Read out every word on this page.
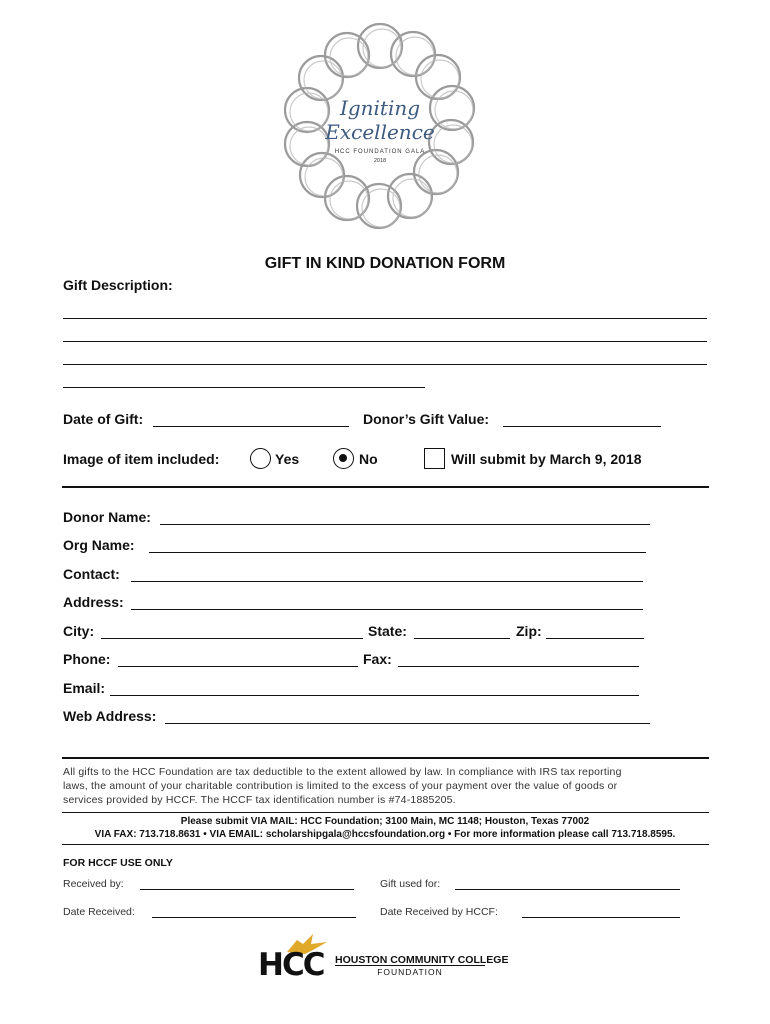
Igniting
Excellence
HCC FOUNDATION GALA
2018
GIFT IN KIND DONATION FORM
Gift Description:
Date of Gift:	Donor’s Gift Value:
Image of item included:	Yes	No	Will submit by March 9, 2018
Donor Name:
Org Name:
Contact:
Address:
City:	State:	Zip:
Phone:	Fax:
Email:
Web Address:
All gifts to the HCC Foundation are tax deductible to the extent allowed by law. In compliance with IRS tax reporting
laws, the amount of your charitable contribution is limited to the excess of your payment over the value of goods or
services provided by HCCF. The HCCF tax identification number is #74-1885205.
Please submit VIA MAIL: HCC Foundation; 3100 Main, MC 1148; Houston, Texas 77002
VIA FAX: 713.718.8631 • VIA EMAIL: scholarshipgala@hccsfoundation.org • For more information please call 713.718.8595.
FOR HCCF USE ONLY
Received by:	Gift used for:
Date Received:	Date Received by HCCF:
HCC HOUSTON COMMUNITY COLLEGE
FOUNDATION
